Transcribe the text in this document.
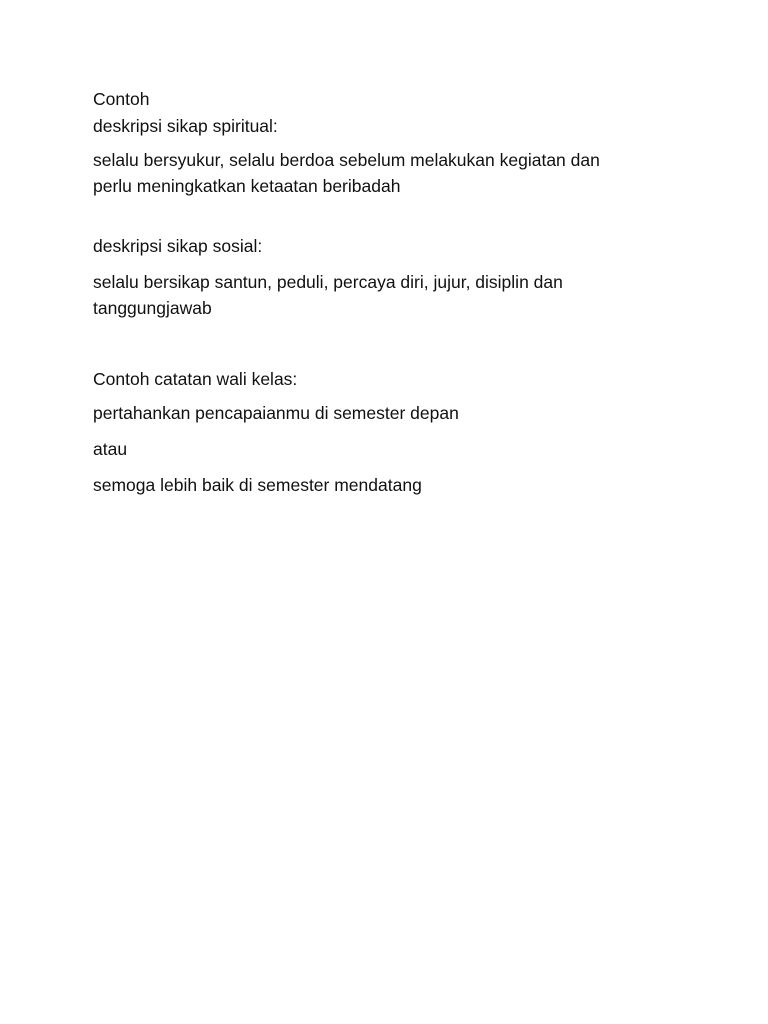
Contoh
deskripsi sikap spiritual:
selalu bersyukur, selalu berdoa sebelum melakukan kegiatan dan
perlu meningkatkan ketaatan beribadah
deskripsi sikap sosial:
selalu bersikap santun, peduli, percaya diri, jujur, disiplin dan
tanggungjawab
Contoh catatan wali kelas:
pertahankan pencapaianmu di semester depan
atau
semoga lebih baik di semester mendatang
